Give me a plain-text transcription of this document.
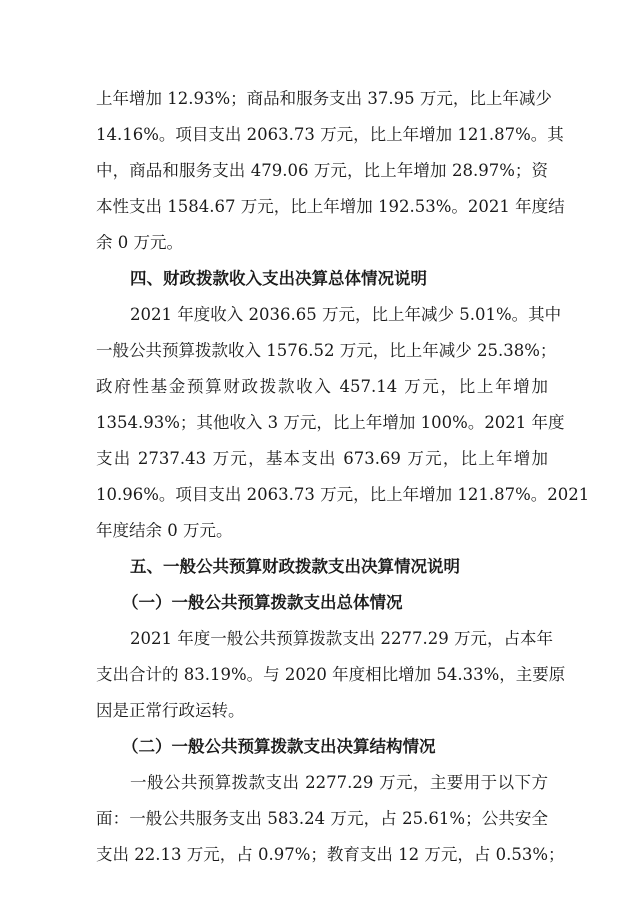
上年增加 12.93%；商品和服务支出 37.95 万元，比上年减少
14.16%。项目支出 2063.73 万元，比上年增加 121.87%。其
中，商品和服务支出 479.06 万元，比上年增加 28.97%；资
本性支出 1584.67 万元，比上年增加 192.53%。2021 年度结
余 0 万元。
四、财政拨款收入支出决算总体情况说明
2021 年度收入 2036.65 万元，比上年减少 5.01%。其中
一般公共预算拨款收入 1576.52 万元，比上年减少 25.38%；
政府性基金预算财政拨款收入 457.14 万元，比上年增加
1354.93%；其他收入 3 万元，比上年增加 100%。2021 年度
支出 2737.43 万元，基本支出 673.69 万元，比上年增加
10.96%。项目支出 2063.73 万元，比上年增加 121.87%。2021
年度结余 0 万元。
五、一般公共预算财政拨款支出决算情况说明
（一）一般公共预算拨款支出总体情况
2021 年度一般公共预算拨款支出 2277.29 万元，占本年
支出合计的 83.19%。与 2020 年度相比增加 54.33%，主要原
因是正常行政运转。
（二）一般公共预算拨款支出决算结构情况
一般公共预算拨款支出 2277.29 万元，主要用于以下方
面：一般公共服务支出 583.24 万元，占 25.61%；公共安全
支出 22.13 万元，占 0.97%；教育支出 12 万元，占 0.53%；
